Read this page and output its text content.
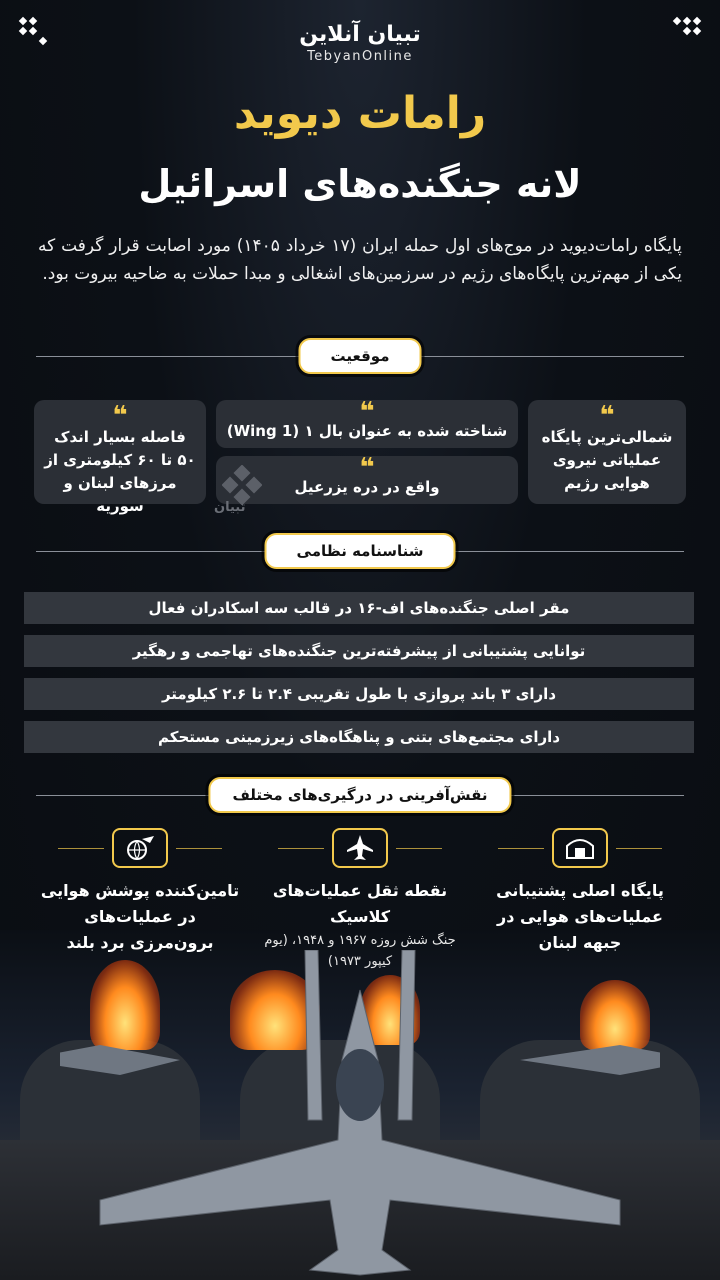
تبیان آنلاین
TebyanOnline
رامات دیوید
لانه جنگنده‌های اسرائیل
پایگاه رامات‌دیوید در موج‌های اول حمله ایران (۱۷ خرداد ۱۴۰۵) مورد اصابت قرار گرفت که یکی از مهم‌ترین پایگاه‌های رژیم در سرزمین‌های اشغالی و مبدا حملات به ضاحیه بیروت بود.
موقعیت
❝
شمالی‌ترین پایگاه عملیاتی نیروی هوایی رژیم
❝
شناخته شده به عنوان بال ۱ (Wing 1)
❝
واقع در دره یزرعیل
❝
فاصله بسیار اندک ۵۰ تا ۶۰ کیلومتری از مرزهای لبنان و سوریه	تبیان
شناسنامه نظامی
مقر اصلی جنگنده‌های اف-۱۶ در قالب سه اسکادران فعال
توانایی پشتیبانی از پیشرفته‌ترین جنگنده‌های تهاجمی و رهگیر
دارای ۳ باند پروازی با طول تقریبی ۲.۴ تا ۲.۶ کیلومتر
دارای مجتمع‌های بتنی و پناهگاه‌های زیرزمینی مستحکم
نقش‌آفرینی در درگیری‌های مختلف
پایگاه اصلی پشتیبانی عملیات‌های هوایی در جبهه لبنان
نقطه ثقل عملیات‌های کلاسیک
جنگ شش روزه ۱۹۶۷ و ۱۹۴۸، (یوم کیپور ۱۹۷۳)
تامین‌کننده پوشش هوایی در عملیات‌های برون‌مرزی برد بلند
